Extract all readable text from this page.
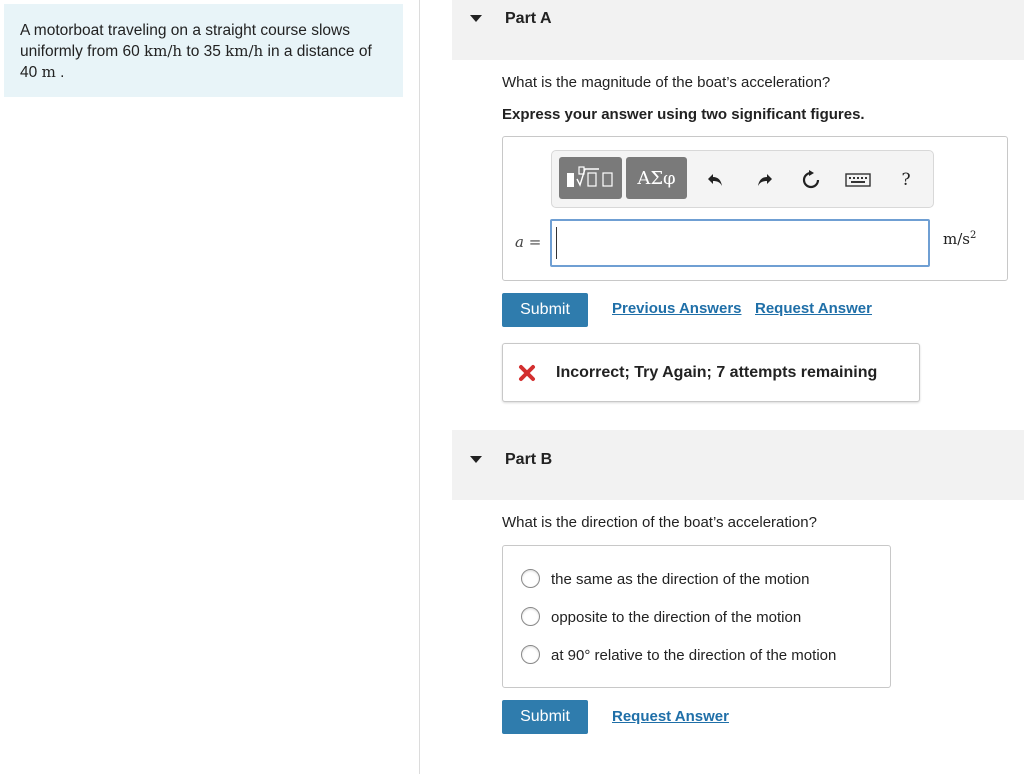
A motorboat traveling on a straight course slows uniformly from 60 km/h to 35 km/h in a distance of 40 m .
Part A
What is the magnitude of the boat’s acceleration?
Express your answer using two significant figures.
ΑΣφ	?
a =	$m/s^2$
Submit	Previous Answers Request Answer
Incorrect; Try Again; 7 attempts remaining
Part B
What is the direction of the boat’s acceleration?
the same as the direction of the motion
opposite to the direction of the motion
at 90° relative to the direction of the motion
Submit	Request Answer
